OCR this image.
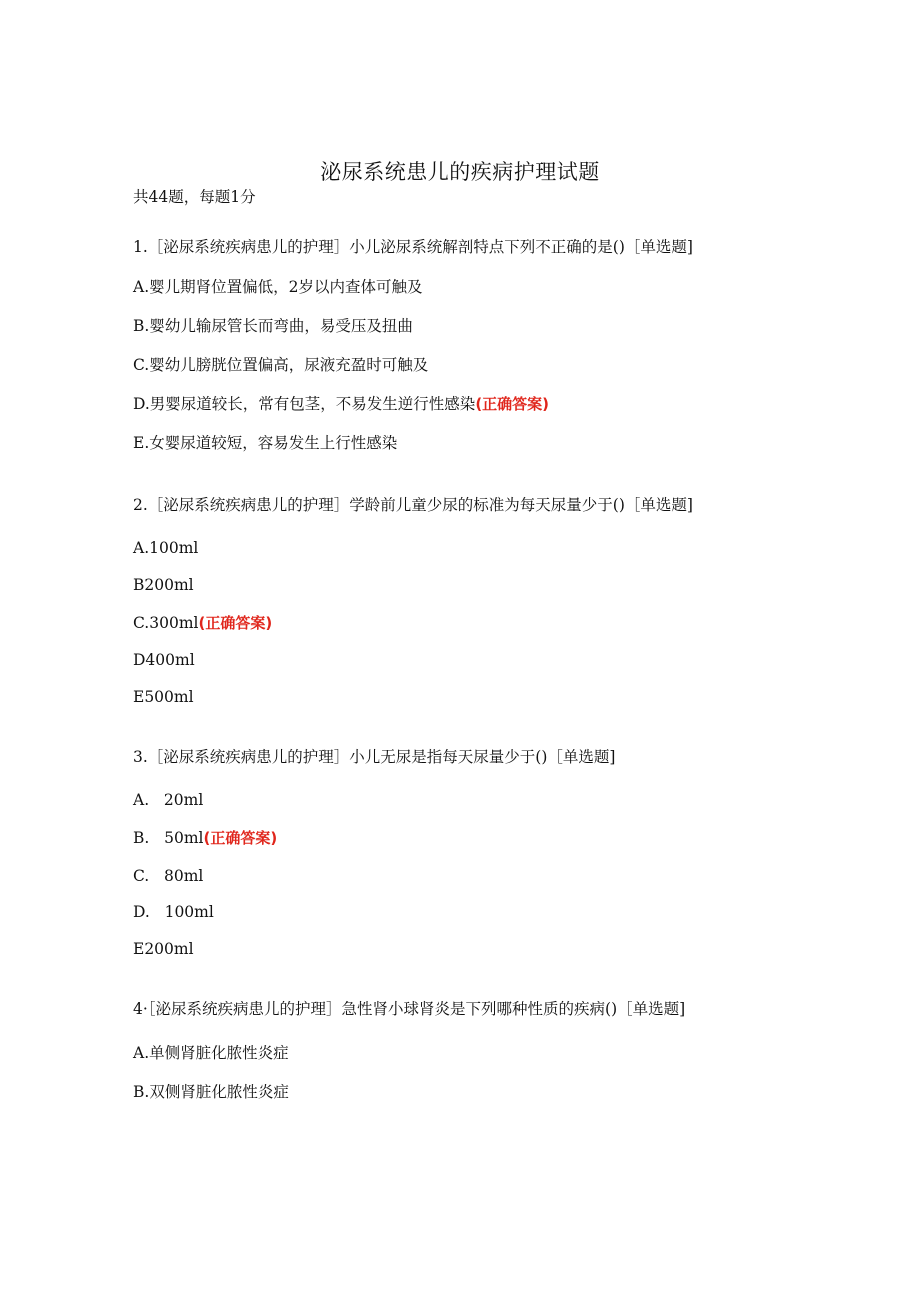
泌尿系统患儿的疾病护理试题
共44题，每题1分
1.［泌尿系统疾病患儿的护理］小儿泌尿系统解剖特点下列不正确的是()［单选题]
A.婴儿期肾位置偏低，2岁以内查体可触及
B.婴幼儿输尿管长而弯曲，易受压及扭曲
C.婴幼儿膀胱位置偏高，尿液充盈时可触及
D.男婴尿道较长，常有包茎，不易发生逆行性感染(正确答案)
E.女婴尿道较短，容易发生上行性感染
2.［泌尿系统疾病患儿的护理］学龄前儿童少尿的标准为每天尿量少于()［单选题]
A.100ml
B200ml
C.300ml(正确答案)
D400ml
E500ml
3.［泌尿系统疾病患儿的护理］小儿无尿是指每天尿量少于()［单选题]
A.   20ml
B.   50ml(正确答案)
C.   80ml
D.   100ml
E200ml
4·［泌尿系统疾病患儿的护理］急性肾小球肾炎是下列哪种性质的疾病()［单选题]
A.单侧肾脏化脓性炎症
B.双侧肾脏化脓性炎症
